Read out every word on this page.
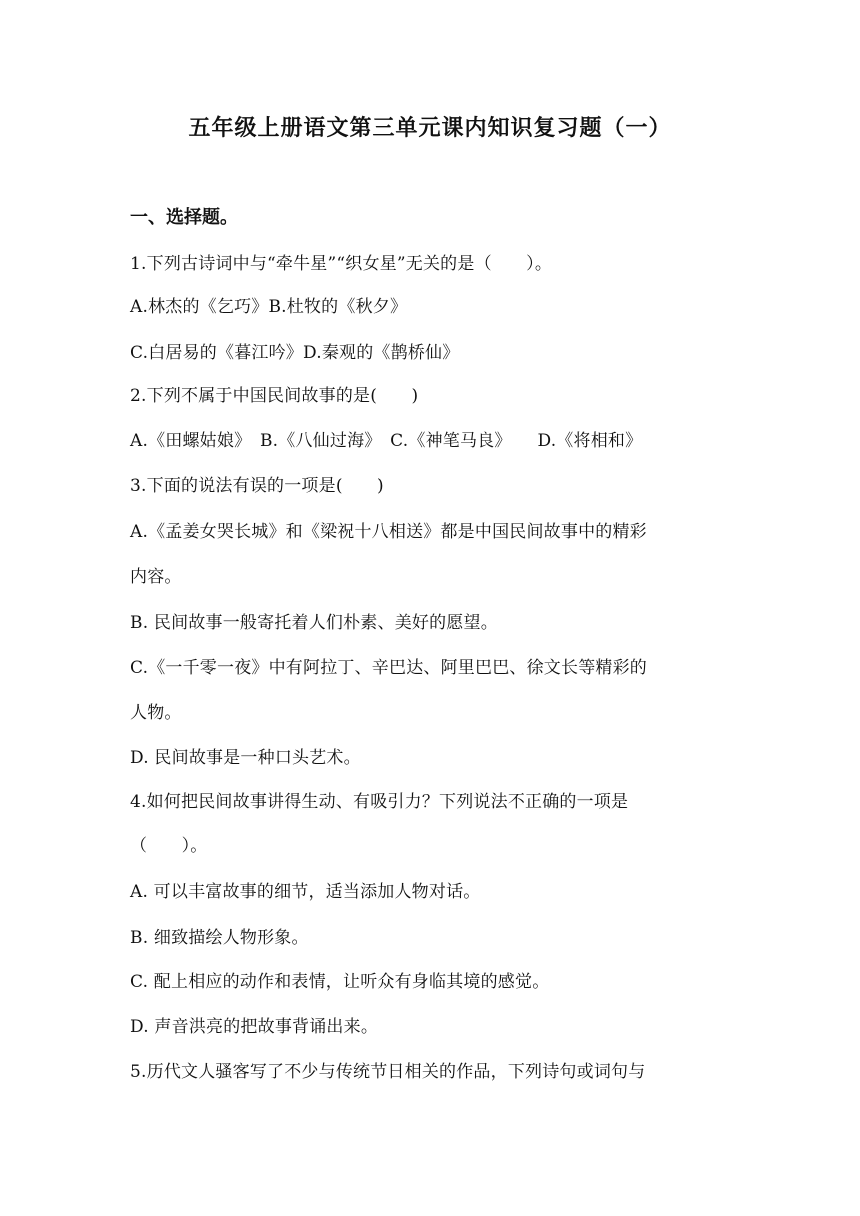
五年级上册语文第三单元课内知识复习题（一）
一、选择题。
1.下列古诗词中与“牵牛星”“织女星”无关的是（　　）。
A.林杰的《乞巧》B.杜牧的《秋夕》
C.白居易的《暮江吟》D.秦观的《鹊桥仙》
2.下列不属于中国民间故事的是(　　)
A.《田螺姑娘》　B.《八仙过海》　C.《神笔马良》　　D.《将相和》
3.下面的说法有误的一项是(　　)
A.《孟姜女哭长城》和《梁祝十八相送》都是中国民间故事中的精彩
内容。
B. 民间故事一般寄托着人们朴素、美好的愿望。
C.《一千零一夜》中有阿拉丁、辛巴达、阿里巴巴、徐文长等精彩的
人物。
D. 民间故事是一种口头艺术。
4.如何把民间故事讲得生动、有吸引力？下列说法不正确的一项是
（　　）。
A. 可以丰富故事的细节，适当添加人物对话。
B. 细致描绘人物形象。
C. 配上相应的动作和表情，让听众有身临其境的感觉。
D. 声音洪亮的把故事背诵出来。
5.历代文人骚客写了不少与传统节日相关的作品，下列诗句或词句与
